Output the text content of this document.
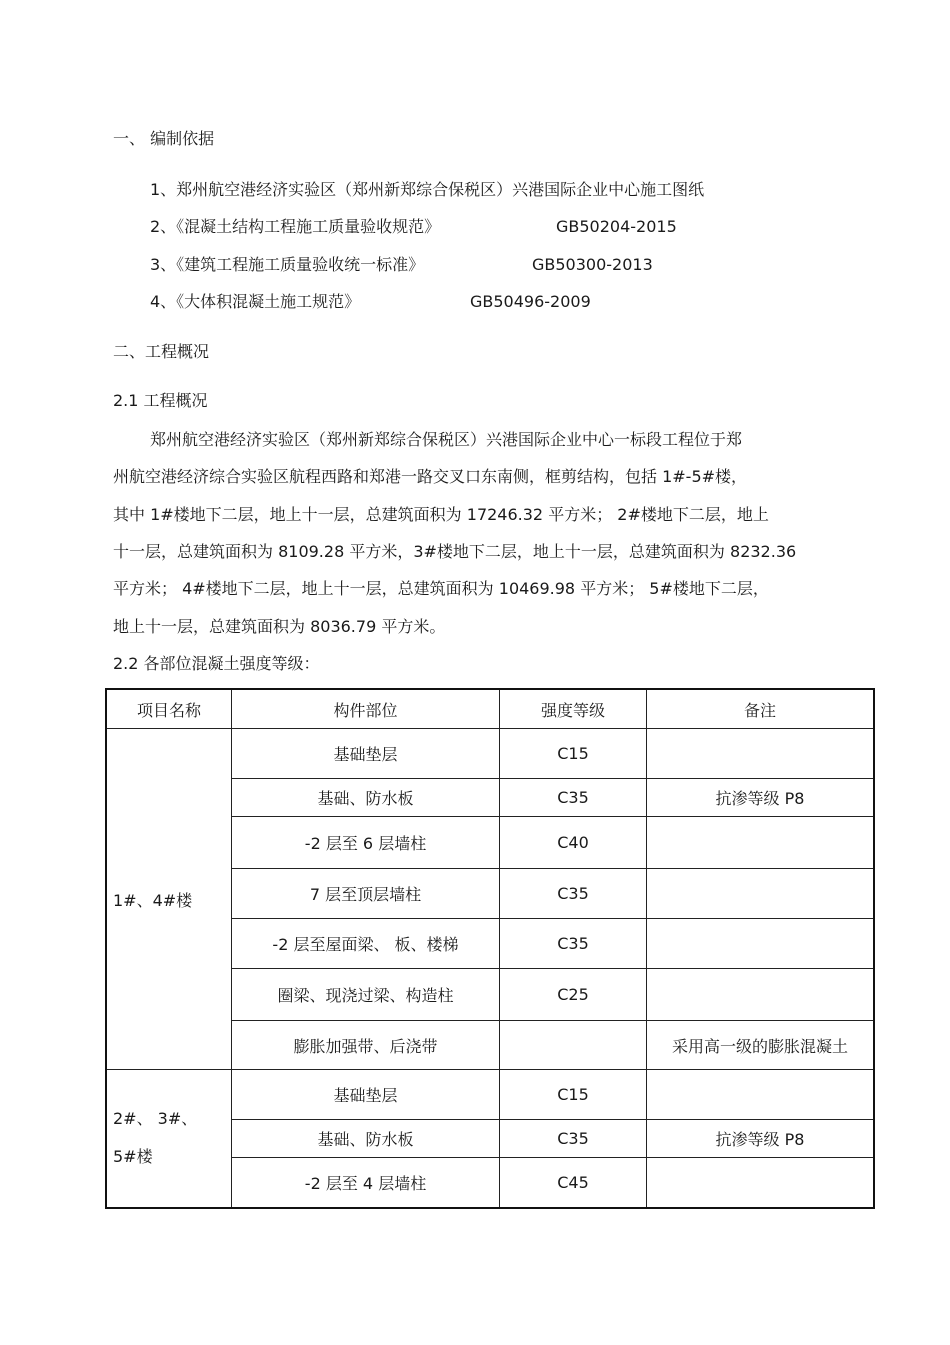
一、 编制依据
1、郑州航空港经济实验区（郑州新郑综合保税区）兴港国际企业中心施工图纸
2、《混凝土结构工程施工质量验收规范》	GB50204-2015
3、《建筑工程施工质量验收统一标准》	GB50300-2013
4、《大体积混凝土施工规范》	GB50496-2009
二、工程概况
2.1 工程概况
郑州航空港经济实验区（郑州新郑综合保税区）兴港国际企业中心一标段工程位于郑
州航空港经济综合实验区航程西路和郑港一路交叉口东南侧，框剪结构，包括 1#-5#楼，
其中 1#楼地下二层，地上十一层，总建筑面积为 17246.32 平方米； 2#楼地下二层，地上
十一层，总建筑面积为 8109.28 平方米，3#楼地下二层，地上十一层，总建筑面积为 8232.36
平方米； 4#楼地下二层，地上十一层，总建筑面积为 10469.98 平方米； 5#楼地下二层，
地上十一层，总建筑面积为 8036.79 平方米。
2.2 各部位混凝土强度等级：
项目名称	构件部位	强度等级	备注
1#、4#楼	基础垫层	C15	
	基础、防水板	C35	抗渗等级 P8
	-2 层至 6 层墙柱	C40	
	7 层至顶层墙柱	C35	
	-2 层至屋面梁、 板、楼梯	C35	
	圈梁、现浇过梁、构造柱	C25	
	膨胀加强带、后浇带		采用高一级的膨胀混凝土
2#、 3#、 5#楼	基础垫层	C15	
	基础、防水板	C35	抗渗等级 P8
	-2 层至 4 层墙柱	C45	
